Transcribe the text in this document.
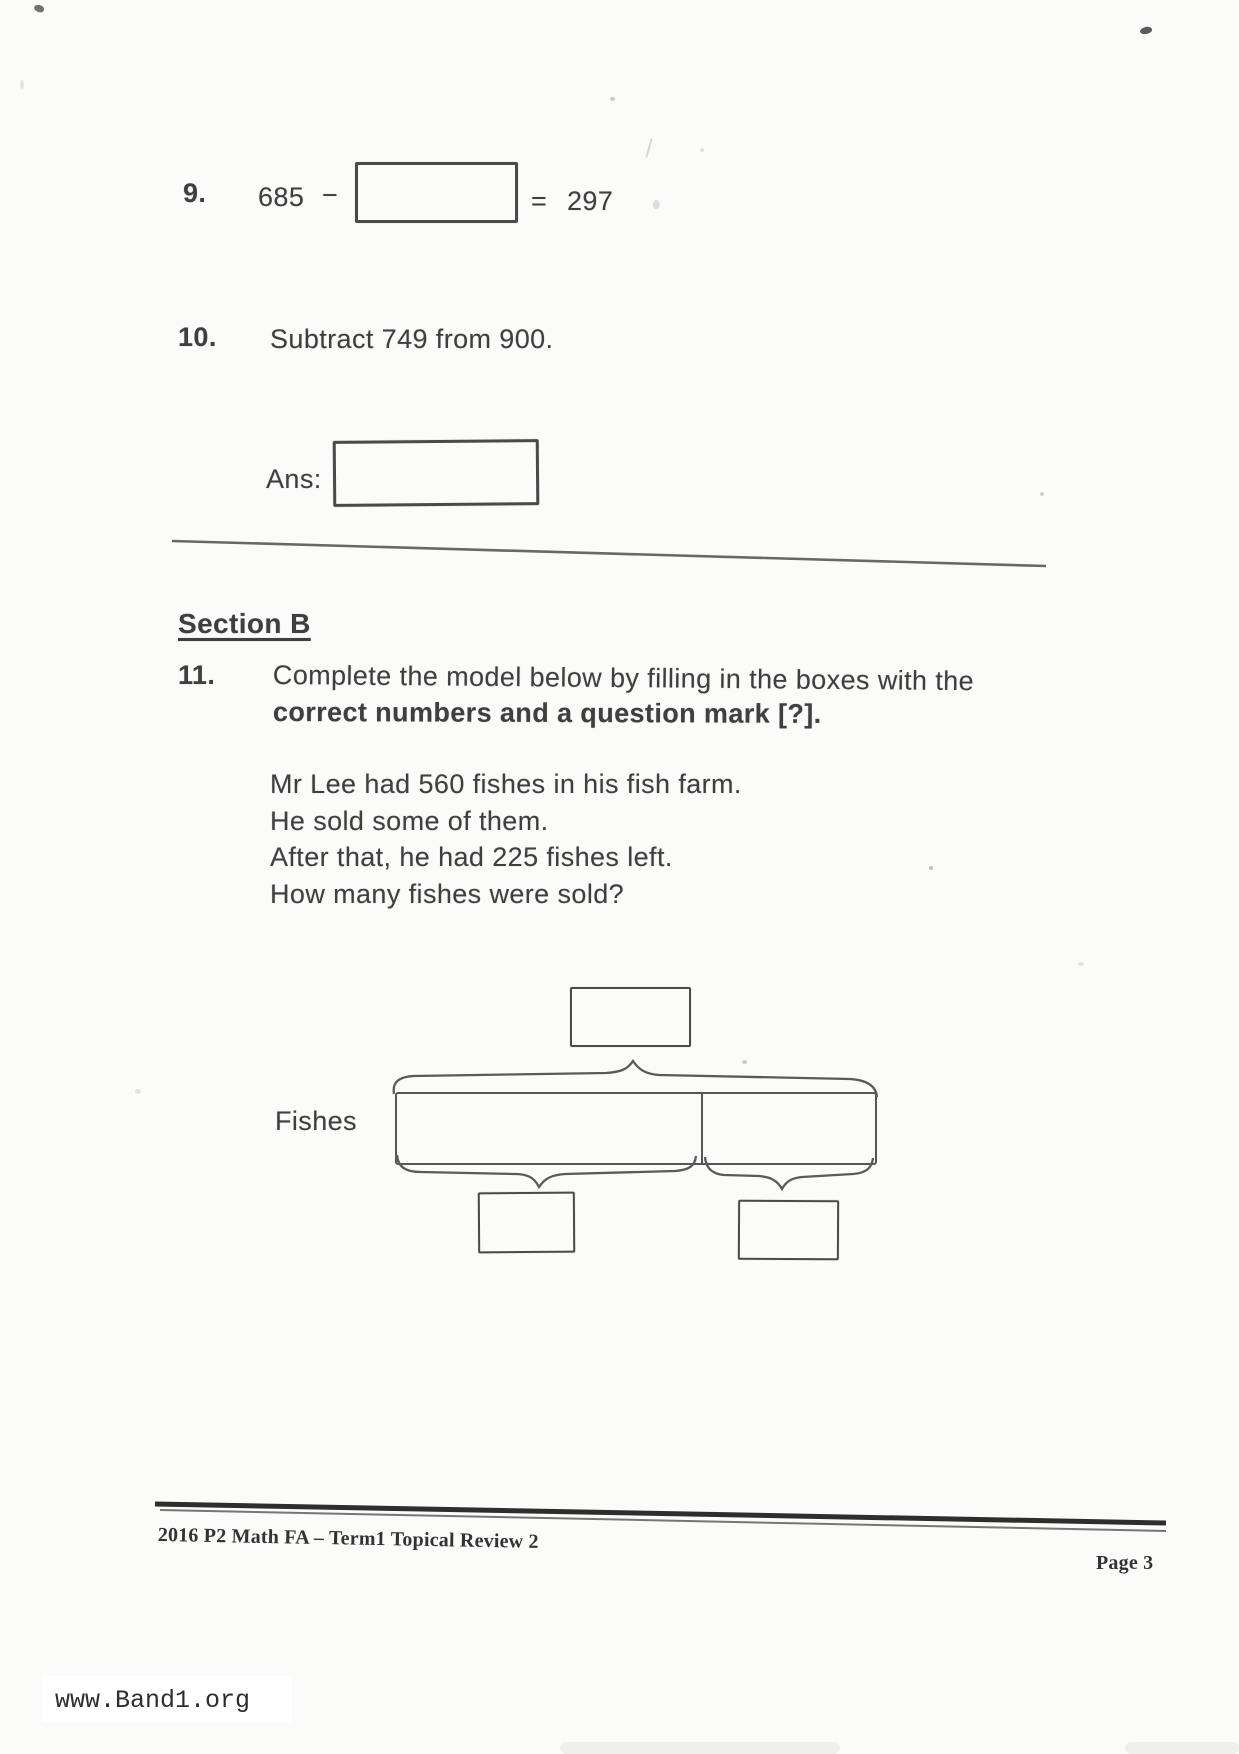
9. 685 −	= 297
10. Subtract 749 from 900.
Ans:
Section B
11. Complete the model below by filling in the boxes with the
correct numbers and a question mark [?].
Mr Lee had 560 fishes in his fish farm.
He sold some of them.
After that, he had 225 fishes left.
How many fishes were sold?
Fishes
2016 P2 Math FA – Term1 Topical Review 2
Page 3
www.Band1.org
